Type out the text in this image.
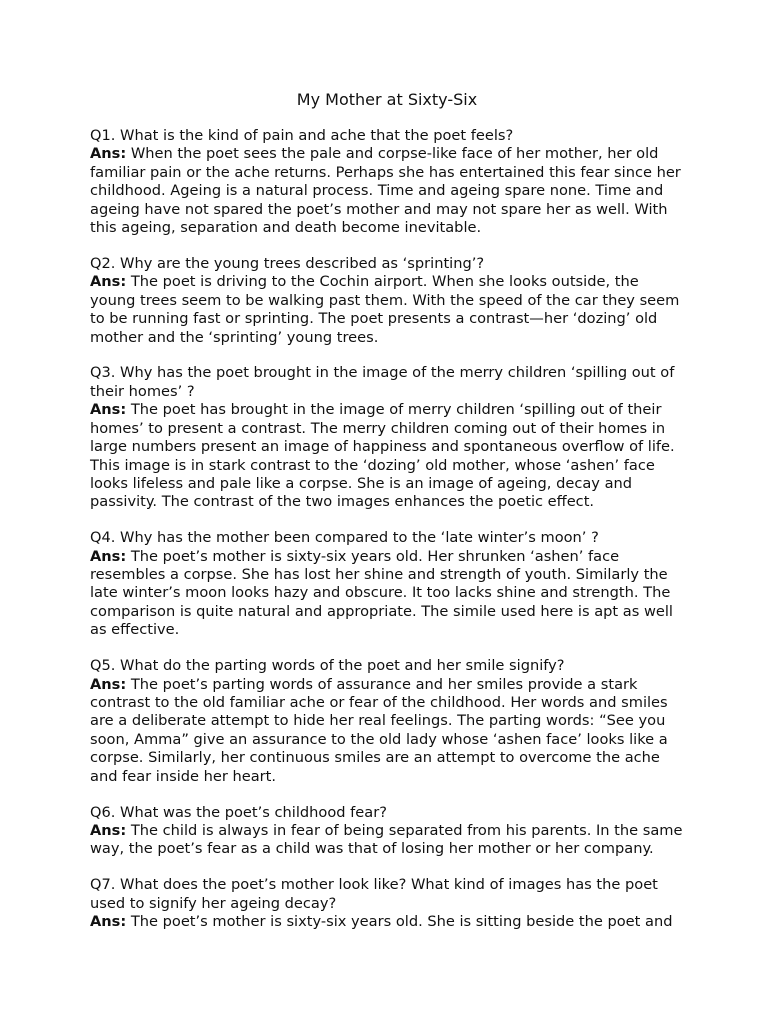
My Mother at Sixty-Six

Q1. What is the kind of pain and ache that the poet feels?

Ans: When the poet sees the pale and corpse-like face of her mother, her old familiar pain or the ache returns. Perhaps she has entertained this fear since her childhood. Ageing is a natural process. Time and ageing spare none. Time and ageing have not spared the poet’s mother and may not spare her as well. With this ageing, separation and death become inevitable.

Q2. Why are the young trees described as ‘sprinting’?

Ans: The poet is driving to the Cochin airport. When she looks outside, the young trees seem to be walking past them. With the speed of the car they seem to be running fast or sprinting. The poet presents a contrast—her ‘dozing’ old mother and the ‘sprinting’ young trees.

Q3. Why has the poet brought in the image of the merry children ‘spilling out of their homes’ ?

Ans: The poet has brought in the image of merry children ‘spilling out of their homes’ to present a contrast. The merry children coming out of their homes in large numbers present an image of happiness and spontaneous overflow of life. This image is in stark contrast to the ‘dozing’ old mother, whose ‘ashen’ face looks lifeless and pale like a corpse. She is an image of ageing, decay and passivity. The contrast of the two images enhances the poetic effect.

Q4. Why has the mother been compared to the ‘late winter’s moon’ ?

Ans: The poet’s mother is sixty-six years old. Her shrunken ‘ashen’ face resembles a corpse. She has lost her shine and strength of youth. Similarly the late winter’s moon looks hazy and obscure. It too lacks shine and strength. The comparison is quite natural and appropriate. The simile used here is apt as well as effective.

Q5. What do the parting words of the poet and her smile signify?

Ans: The poet’s parting words of assurance and her smiles provide a stark contrast to the old familiar ache or fear of the childhood. Her words and smiles are a deliberate attempt to hide her real feelings. The parting words: “See you soon, Amma” give an assurance to the old lady whose ‘ashen face’ looks like a corpse. Similarly, her continuous smiles are an attempt to overcome the ache and fear inside her heart.

Q6. What was the poet’s childhood fear?

Ans: The child is always in fear of being separated from his parents. In the same way, the poet’s fear as a child was that of losing her mother or her company.

Q7. What does the poet’s mother look like? What kind of images has the poet used to signify her ageing decay?

Ans: The poet’s mother is sixty-six years old. She is sitting beside the poet and
